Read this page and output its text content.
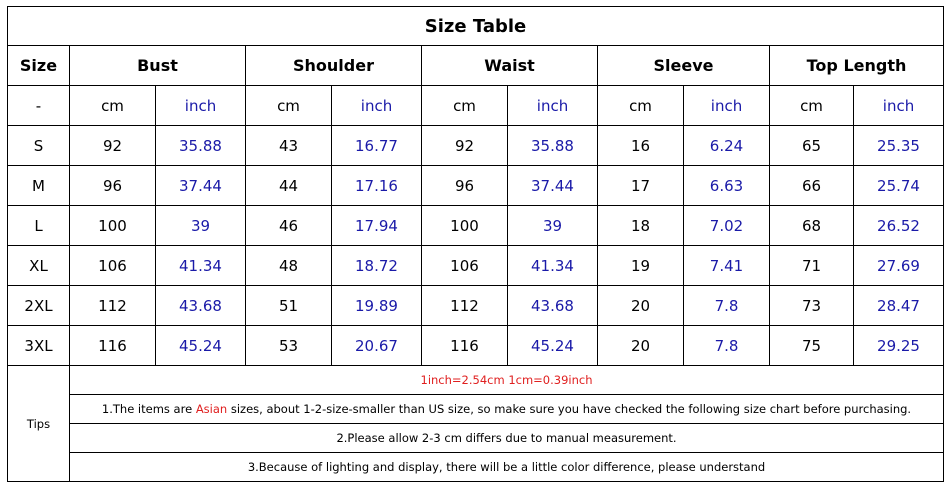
Size Table										
Size	Bust		Shoulder		Waist		Sleeve		Top Length	
-	cm	inch	cm	inch	cm	inch	cm	inch	cm	inch
S	92	35.88	43	16.77	92	35.88	16	6.24	65	25.35
M	96	37.44	44	17.16	96	37.44	17	6.63	66	25.74
L	100	39	46	17.94	100	39	18	7.02	68	26.52
XL	106	41.34	48	18.72	106	41.34	19	7.41	71	27.69
2XL	112	43.68	51	19.89	112	43.68	20	7.8	73	28.47
3XL	116	45.24	53	20.67	116	45.24	20	7.8	75	29.25
Tips	1inch=2.54cm 1cm=0.39inch									
	1.The items are Asian sizes, about 1-2-size-smaller than US size, so make sure you have checked the following size chart before purchasing.									
	2.Please allow 2-3 cm differs due to manual measurement.									
	3.Because of lighting and display, there will be a little color difference, please understand									
